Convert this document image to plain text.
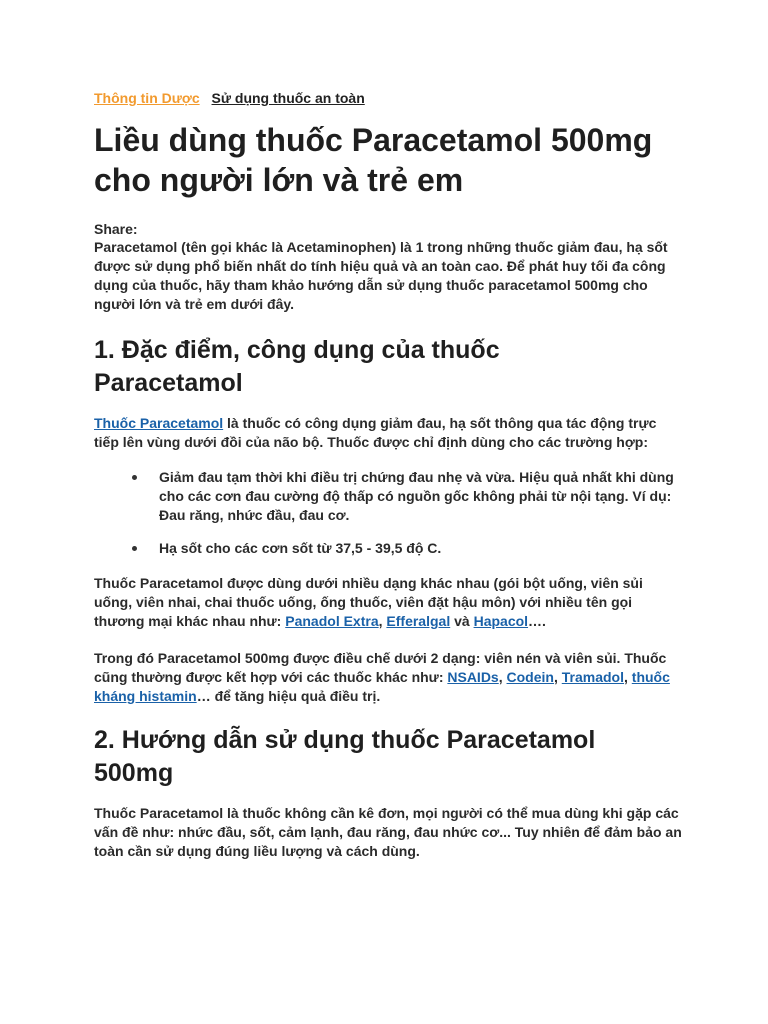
Thông tin Dược Sử dụng thuốc an toàn
Liều dùng thuốc Paracetamol 500mg cho người lớn và trẻ em
Share:

Paracetamol (tên gọi khác là Acetaminophen) là 1 trong những thuốc giảm đau, hạ sốt được sử dụng phổ biến nhất do tính hiệu quả và an toàn cao. Để phát huy tối đa công dụng của thuốc, hãy tham khảo hướng dẫn sử dụng thuốc paracetamol 500mg cho người lớn và trẻ em dưới đây.

1. Đặc điểm, công dụng của thuốc Paracetamol

Thuốc Paracetamol là thuốc có công dụng giảm đau, hạ sốt thông qua tác động trực tiếp lên vùng dưới đồi của não bộ. Thuốc được chỉ định dùng cho các trường hợp:

Giảm đau tạm thời khi điều trị chứng đau nhẹ và vừa. Hiệu quả nhất khi dùng cho các cơn đau cường độ thấp có nguồn gốc không phải từ nội tạng. Ví dụ: Đau răng, nhức đầu, đau cơ.
Hạ sốt cho các cơn sốt từ 37,5 - 39,5 độ C.

Thuốc Paracetamol được dùng dưới nhiều dạng khác nhau (gói bột uống, viên sủi uống, viên nhai, chai thuốc uống, ống thuốc, viên đặt hậu môn) với nhiều tên gọi thương mại khác nhau như: Panadol Extra, Efferalgal và Hapacol….

Trong đó Paracetamol 500mg được điều chế dưới 2 dạng: viên nén và viên sủi. Thuốc cũng thường được kết hợp với các thuốc khác như: NSAIDs, Codein, Tramadol, thuốc kháng histamin… để tăng hiệu quả điều trị.

2. Hướng dẫn sử dụng thuốc Paracetamol 500mg

Thuốc Paracetamol là thuốc không cần kê đơn, mọi người có thể mua dùng khi gặp các vấn đề như: nhức đầu, sốt, cảm lạnh, đau răng, đau nhức cơ... Tuy nhiên để đảm bảo an toàn cần sử dụng đúng liều lượng và cách dùng.
